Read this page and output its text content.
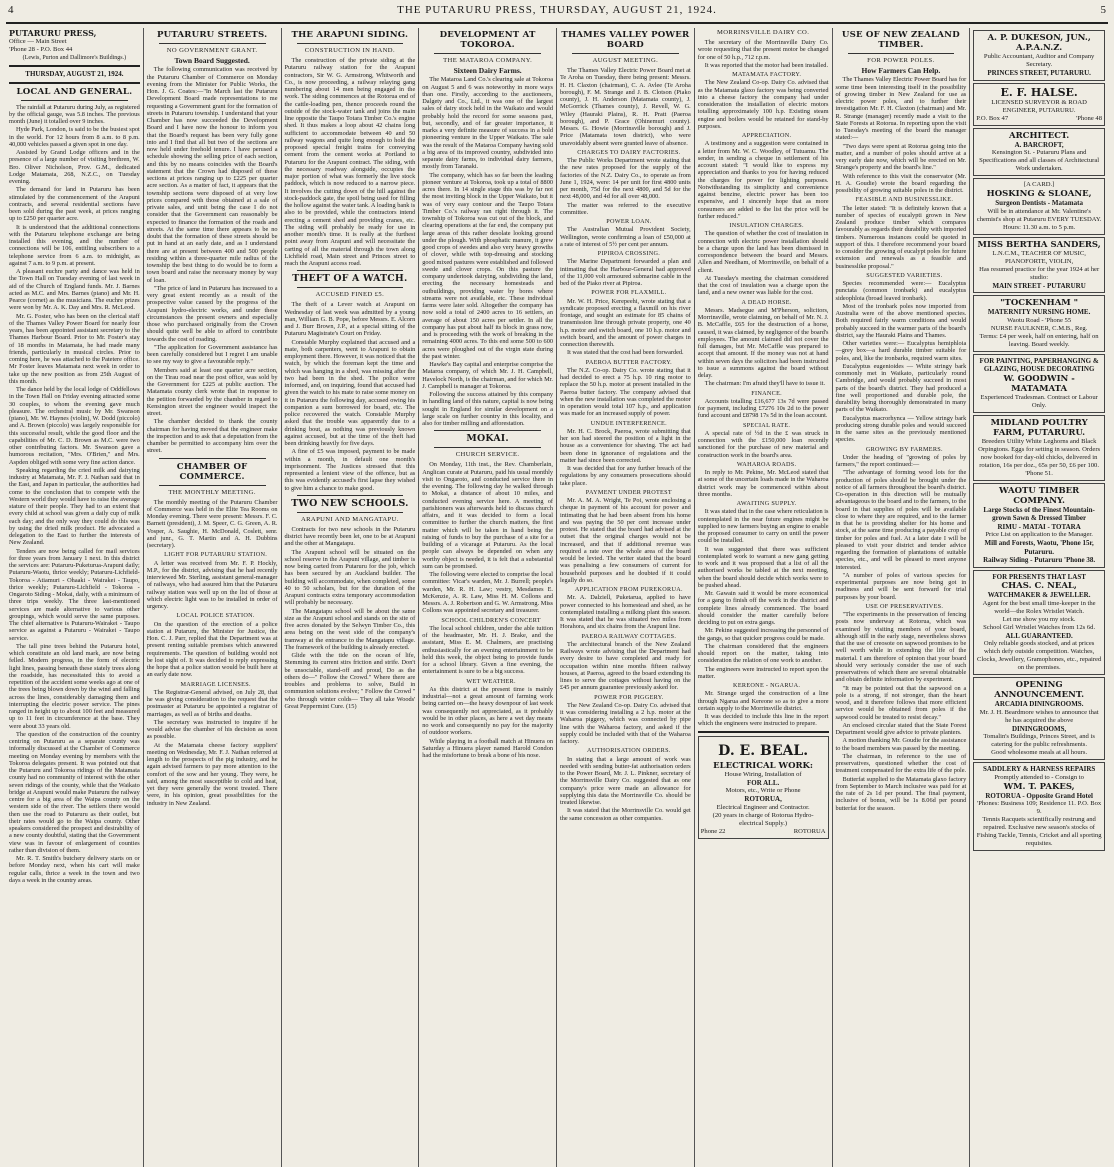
4	THE PUTARURU PRESS, THURSDAY, AUGUST 21, 1924.	5
PUTARURU PRESS,
Office — Main Street
'Phone 28 - P.O. Box 44
(Lewis, Purton and Dallimore's Buildings.)
THURSDAY, AUGUST 21, 1924.
LOCAL AND GENERAL.

The rainfall at Putaruru during July, as registered by the official gauge, was 5.8 inches. The previous month (June) it totalled over 9 inches.

Hyde Park, London, is said to be the busiest spot in the world. For 12 hours from 8 a.m. to 8 p.m. 40,000 vehicles passed a given spot in one day.

Assisted by Grand Lodge officers and in the presence of a large number of visiting brethren, W. Bro. Oliver Nicholson, Prov. G.M., dedicated Lodge Matamata, 268, N.Z.C., on Tuesday evening.

The demand for land in Putaruru has been stimulated by the commencement of the Arapuni contracts, and several residential sections have been sold during the past week, at prices ranging up to £250 per quarter acre.

It is understood that the additional connections with the Putaruru telephone exchange are being installed this evening, and the number of connections will be 106, entitling subscribers to a telephone service from 6 a.m. to midnight, as against 7 a.m. to 9 p.m. at present.

A pleasant euchre party and dance was held in the Town Hall on Tuesday evening of last week in aid of the Church of England funds. Mr. J. Barnes acted as M.C. and Mrs. Barnes (piano) and Mr. H. Pearce (cornet) as the musicians. The euchre prizes were won by Mr. A. K. Day and Mrs. R. McLeod.

Mr. G. Foster, who has been on the clerical staff of the Thames Valley Power Board for nearly four years, has been appointed assistant secretary to the Thames Harbour Board. Prior to Mr. Foster's stay of 18 months in Matamata, he had made many friends, particularly in musical circles. Prior to coming here, he was attached to the Patetere office. Mr Foster leaves Matamata next week in order to take up the new position as from 25th August of this month.

The dance held by the local lodge of Oddfellows in the Town Hall on Friday evening attracted some 30 couples, to whom the evening gave much pleasure. The orchestral music by Mr. Swanson (piano), Mr. W. Haynes (violin), W. Dodd (piccolo) and A. Brown (piccolo) was largely responsible for this successful result, while the good floor and the capabilities of Mr. C. D. Brown as M.C. were two other contributing factors. Mr. Swanson gave a humorous recitation, "Mrs. O'Brien," and Mrs. Aspden obliged with some very fine action dance.

Speaking regarding the cried milk and dairying industry at Matamata, Mr. F. J. Nathan said that in the East, and Japan in particular, the authorities had come to the conclusion that to compete with the Western world they would have to raise the average stature of their people. They had to an extent that every child at school was given a daily cup of milk each day; and the only way they could do this was by using the dried milk product. He advocated a delegation to the East to further the interests of New Zealand.

Tenders are now being called for mail services for three years from January 1 next. In this district the services are: Putaruru-Puketurua-Arapuni daily; Putaruru-Waotu, thrice weekly; Putaruru-Lichfield-Tokoroa - Atiamuri - Ohaaki - Wairakei - Taupo, thrice weekly; Putaruru-Lichfield - Tokoroa - Ongaroto Siding - Mokai, daily, with a minimum of three trips weekly. The three last-mentioned services are made alternative to various other groupings, which would serve the same purposes. The chief alternative is Putaruru-Wairakei - Taupo service as against a Putaruru - Wairakei - Taupo service.

The tall pine trees behind the Putaruru hotel, which constitute an old land mark, are now being felled. Modern progress, in the form of electric light lines, passing beneath these stately trees along the roadside, has necessitated this to avoid a repetition of the accident some weeks ago at one of the trees being blown down by the wind and falling across the lines, considerably damaging them and interrupting the electric power service. The pines ranged in height up to about 100 feet and measured up to 11 feet in circumference at the base. They were about 33 years old.

The question of the construction of the country centring on Putaruru as a separate county was informally discussed at the Chamber of Commerce meeting on Monday evening by members with the Tokoroa delegates present. It was pointed out that the Putaruru and Tokoroa ridings of the Matamata county had no community of interest with the other seven ridings of the county, while that the Waikato bridge at Arapuni would make Putaruru the railway centre for a big area of the Waipa county on the western side of the river. The settlers there would then use the road to Putaruru as their outlet, but their rates would go to the Waipa county. Other speakers considered the prospect and desirability of a new county doubtful, stating that the Government view was in favour of enlargement of counties rather than division of them.

Mr. R. T. Smith's butchery delivery starts on or before Monday next, when his cart will make regular calls, thrice a week in the town and two days a week in the country areas.

PUTARURU STREETS.
NO GOVERNMENT GRANT.
Town Board Suggested.

The following communication was received by the Putaruru Chamber of Commerce on Monday evening from the Minister for Public Works, the Hon. J. G. Coates:—"In March last the Putaruru Development Board made representations to me requesting a Government grant for the formation of streets in Putaruru township. I understand that your Chamber has now succeeded the Development Board and I have now the honour to inform you that the Board's request has been very fully gone into and I find that all but two of the sections are now held under freehold tenure. I have perused a schedule showing the selling price of each section, and this by no means coincides with the Board's statement that the Crown had disposed of these sections at prices ranging up to £225 per quarter acre section. As a matter of fact, it appears that the township sections were disposed of at very low prices compared with those obtained at a sale of private sales, and unit being the case I do not consider that the Government can reasonably be expected to finance the formation of the roads and streets. At the same time there appears to be no doubt that the formation of these streets should be put in hand at an early date, and as I understand there are at present between 400 and 500 people residing within a three-quarter mile radius of the township the best thing to do would be to form a town board and raise the necessary money by way of loan.

"The price of land in Putaruru has increased to a very great extent recently as a result of the prospective value caused by the progress of the Arapuni hydro-electric works, and under these circumstances the present owners and especially those who purchased originally from the Crown should quite well be able to afford to contribute towards the cost of roading.

"The application for Government assistance has been carefully considered but I regret I am unable to see my way to give a favourable reply."

Members said at least one quarter acre section, on the Tirau road near the post office, was sold by the Government for £225 at public auction. The Matamata county clerk wrote that in response to the petition forwarded by the chamber in regard to Kensington street the engineer would inspect the street.

The chamber decided to thank the county chairman for having moved that the engineer make the inspection and to ask that a deputation from the chamber be permitted to accompany him over the street.

CHAMBER OF COMMERCE.
THE MONTHLY MEETING.

The monthly meeting of the Putaruru Chamber of Commerce was held in the Elite Tea Rooms on Monday evening. There were present: Messrs. F. C. Barnett (president), J. M. Speer, C. G. Green, A. R. Vosper, A. Saughie, H. McDonald, Coslett, senr. and junr., G. T. Martin and A. H. Dubbins (secretary).

LIGHT FOR PUTARURU STATION.

A letter was received from Mr. F. P. Hockly, M.P., for the district, advising that he had recently interviewed Mr. Sterling, assistant general-manager of railways, who had assured him that the Putaruru railway station was well up on the list of those at which electric light was to be installed in order of urgency.

LOCAL POLICE STATION.

On the question of the erection of a police station at Putaruru, the Minister for Justice, the Hon. C. J. Parr, replied that the Department was at present renting suitable premises which answered requirements. The question of building would not be lost sight of. It was decided to reply expressing the hope that a police station would be built here at an early date now.

MARRIAGE LICENSES.

The Registrar-General advised, on July 28, that he was giving consideration to the request that the postmaster at Putaruru be appointed a registrar of marriages, as well as of births and deaths.

The secretary was instructed to inquire if he would advise the chamber of his decision as soon as possible.

At the Matamata cheese factory suppliers' meeting on Wednesday, Mr. F. J. Nathan referred at length to the prospects of the pig industry, and he again advised farmers to pay more attention to the comfort of the sow and her young. They were, he said, among the most susceptible to cold and heat, yet they were generally the worst treated. There were, in his opinion, great possibilities for the industry in New Zealand.

THE ARAPUNI SIDING.
CONSTRUCTION IN HAND.

The construction of the private siding at the Putaruru railway station for the Arapuni contractors, Sir W. G. Armstrong, Whitworth and Co., is now proceeding, a railway relaying gang numbering about 14 men being engaged in the work. The siding commences at the Rotorua end of the cattle-loading pen, thence proceeds round the outside of the stock-water tank and joins the main line opposite the Taupo Totara Timber Co.'s engine shed. It thus makes a loop about 42 chains long sufficient to accommodate between 40 and 50 railway wagons and quite long enough to hold the proposed special freight trains for conveying cement from the cement works at Portland to Putaruru for the Arapuni contract. The siding, with the necessary roadway alongside, occupies the major portion of what was formerly the live stock paddock, which is now reduced to a narrow piece. It involves the cutting down of the hill against the stock-paddock gate, the spoil being used for filling the hollow against the water tank. A loading bank is also to be provided, while the contractors intend erecting a cement shed and providing cranes, etc. The siding will probably be ready for use in another month's time. It is really at the furthest point away from Arapuni and will necessitate the carting of all the material through the town along Lichfield road, Main street and Princes street to reach the Arapuni access road.

THEFT OF A WATCH.
ACCUSED FINED £5.

The theft of a Lever watch at Arapuni on Wednesday of last week was admitted by a young man, William G. B. Pope, before Messrs. E. Alcorn and J. Burr Brown, J.P., at a special sitting of the Putaruru Magistrate's Court on Friday.

Constable Murphy explained that accused and a mate, both carpenters, went to Arapuni to obtain employment there. However, it was noticed that the watch, by which the foreman kept the time and which was hanging in a shed, was missing after the two had been in the shed. The police were informed, and, on inquiring, found that accused had given the watch to his mate to raise some money on it in Putaruru the following day, accused owing his companion a sum borrowed for board, etc. The police recovered the watch. Constable Murphy asked that the trouble was apparently due to a drinking bout, as nothing was previously known against accused, but at the time of the theft had been drinking heavily for five days.

A fine of £5 was imposed, payment to be made within a month, in default one month's imprisonment. The Justices stressed that this represented a lenient view of the offence, but as this was evidently accused's first lapse they wished to give him a chance to make good.

TWO NEW SCHOOLS.
ARAPUNI AND MANGATAPU.

Contracts for two new schools in the Putaruru district have recently been let, one to be at Arapuni and the other at Mangatapu.

The Arapuni school will be situated on the school reserve in the Arapuni village, and timber is now being carted from Putaruru for the job, which has been secured by an Auckland builder. The building will accommodate, when completed, some 40 to 50 scholars, but for the duration of the Arapuni contracts extra temporary accommodation will probably be necessary.

The Mangatapu school will be about the same size as the Arapuni school and stands on the site of five acres donated by the Selwyn Timber Co., this area being on the west side of the company's tramway at the entrance to the Mangatapu village. The framework of the building is already erected.

Glide with the tide on the ocean of life, Stemming its current stirs friction and strife. Don't be unsociable, stand-off and proud, Do as the others do—" Follow the Crowd." Where there are troubles and problems to solve, Build in communion solutions evolve; " Follow the Crowd " who through winter colds— They all take Woods' Great Peppermint Cure. (15)

DEVELOPMENT AT TOKOROA.
THE MATAROA COMPANY.
Sixteen Dairy Farms.

The Mataroa Land Co.'s clearing sale at Tokoroa on August 5 and 6 was noteworthy in more ways than one. Firstly, according to the auctioneers, Dalgety and Co., Ltd., it was one of the largest sales of dairy stock held in the Waikato and would probably hold the record for some seasons past, but, secondly, and of far greater importance, it marks a very definite measure of success in a bold pioneering venture in the Upper Waikato. The sale was the result of the Mataroa Company having sold a big area of its improved country, subdivided into separate dairy farms, to individual dairy farmers, mostly from Taranaki.

The company, which has so far been the leading pioneer venture at Tokoroa, took up a total of 8800 acres there. In 14 single stage this was by far not the most inviting block in the Upper Waikato, but it was of very easy contour and the Taupo Totara Timber Co.'s railway ran right through it. The township of Tokoroa was cut out of the block, and clearing operations at the far end, the company put large areas of this rather desolate looking ground under the plough. With phosphatic manure, it grew good crops of swedes and also very heavy growths of clover, while with top-dressing and stocking good mixed pastures were established and followed swede and clover crops. On this pasture the company undertook dairying, subdividing the land, erecting the necessary homesteads and outbuildings, providing water by bores where streams were not available, etc. These individual farms were later sold. Altogether the company has now sold a total of 2400 acres to 16 settlers, an average of about 150 acres per settler. In all the company has put about half its block in grass now, and is proceeding with the work of breaking in the remaining 4000 acres. To this end some 500 to 600 acres were ploughed out of the virgin state during the past winter.

Hawke's Bay capital and enterprise comprise the Mataroa company, of which Mr. J. H. Campbell, Havelock North, is the chairman, and for which Mr. J. Campbell is manager at Tokoroa.

Following the success attained by this company in handling land of this nature, capital is now being sought in England for similar development on a large scale on further country in this locality, and also for timber milling and afforestation.

MOKAI.
CHURCH SERVICE.

On Monday, 11th inst., the Rev. Chamberlain, Anglican curate at Putaruru, paid his usual monthly visit to Ongaroto, and conducted service there in the evening. The following day he walked through to Mokai, a distance of about 10 miles, and conducted evening service here. A meeting of parishioners was afterwards held to discuss church affairs, and it was decided to form a local committee to further the church matters, the first matter which will be taken in hand being the raising of funds to buy the purchase of a site for a building of a vicarage at Putaruru. As the local people can always be depended on when any worthy object is needed, it is felt that a substantial sum can be promised.

The following were elected to comprise the local committee: Vicar's warden, Mr. J. Burrell; people's warden, Mr. R. H. Law; vestry, Mesdames E. McKenzie, A. R. Law, Miss H. M. Collons and Messrs. A. J. Robertson and G. W. Armstrong. Miss Collons was appointed secretary and treasurer.

SCHOOL CHILDREN'S CONCERT

The local school children, under the able tuition of the headmaster, Mr. H. J. Brake, and the assistant, Miss E. M. Chalmers, are practising enthusiastically for an evening entertainment to be held this week, the object being to provide funds for a school library. Given a fine evening, the entertainment is sure to be a big success.

WET WEATHER.

As this district at the present time is mainly industrial—not a great amount of farming work being carried on—the heavy downpour of last week was consequently not appreciated, as it probably would be in other places, as here a wet day means no work and consequently no pay for the majority of outdoor workers.

While playing in a football match at Hinuera on Saturday a Hinuera player named Harold Condon had the misfortune to break a bone of his nose.

THAMES VALLEY POWER BOARD
AUGUST MEETING.

The Thames Valley Electric Power Board met at Te Aroha on Tuesday, there being present: Messrs. H. H. Claxton (chairman), C. A. Avlee (Te Aroha borough), F. M. Strange and J. B. Clotson (Piako county), J. H. Anderson (Matamata county), J. McGorrick (Thames county), J. Revell, W. G. Wiley (Hauraki Plains), R. H. Pratt (Paeroa borough), and P. Grace (Ohinemuri county). Messrs. G. Howie (Morrinsville borough) and J. Price (Matamata town district), who were unavoidably absent were granted leave of absence.

CHARGES TO DAIRY FACTORIES.

The Public Works Department wrote stating that the new rates proposed for the supply of the factories of the N.Z. Dairy Co., to operate as from June 1, 1924, were: 14 per unit for first 4800 units per month, 75d for the next 4800, and 5d for the next 48,000, and 4d for all over 48,000.

The matter was referred to the executive committee.

POWER LOAN.

The Australian Mutual Provident Society, Wellington, wrote confirming a loan of £50,000 at a rate of interest of 5½ per cent per annum.

PIPIROA CROSSING.

The Marine Department forwarded a plan and intimating that the Harbour-General had approved of the 11,000 volt armoured submarine cable in the bed of the Piako river at Pipiroa.

POWER FOR FLAXMILL.

Mr. W. H. Price, Kerepeehi, wrote stating that a syndicate proposed erecting a flaxmill on his river frontage, and sought an estimate for 85 chains of transmission line through private property, one 40 h.p. motor and switch board, one 10 h.p. motor and switch board, and the amount of power charges in connection therewith.

It was stated that the cost had been forwarded.

PAEROA BUTTER FACTORY.

The N.Z. Co-op. Dairy Co. wrote stating that it had decided to erect a 75 h.p. 10 ring motor to replace the 50 h.p. motor at present installed in the Paeroa butter factory. The company advised that when the new installation was completed the motor in operation would total 107 h.p., and application was made for an increased supply of power.

UNDUE INTERFERENCE.

Mr. H. C. Brock, Paeroa, wrote submitting that her son had steered the position of a light in the house as a convenience for shaving. The act had been done in ignorance of regulations and the matter had since been corrected.

It was decided that for any further breach of the regulations by any consumers prosecutions should take place.

PAYMENT UNDER PROTEST

Mr. A. M. A. Wright, Te Poi, wrote enclosing a cheque in payment of his account for power and intimating that he had been absent from his home and was paying the 50 per cent increase under protest. He stated that the board had advised at the outset that the original charges would not be increased, and that if additional revenue was required a rate over the whole area of the board would be levied. The writer stated that the board was penalising a few consumers of current for household purposes and he doubted if it could legally do so.

APPLICATION FROM PUREKORUA.

Mr. A. Dalziell, Puketarua, applied to have power connected to his homestead and shed, as he contemplated installing a milking plant this season. It was stated that he was situated two miles from Horahora, and six chains from the Arapuni line.

PAEROA RAILWAY COTTAGES.

The architectural branch of the New Zealand Railways wrote advising that the Department had every desire to have completed and ready for occupation within nine months fifteen railway houses, at Paeroa, agreed to the board extending its lines to serve the cottages without having on the £45 per annum guarantee previously asked for.

POWER FOR PIGGERY.

The New Zealand Co-op. Dairy Co. advised that it was considering installing a 2 h.p. motor at the Waharoa piggery, which was connected by pipe line with the Waharoa factory, and asked if the supply could be included with that of the Waharoa factory.

AUTHORISATION ORDERS.

In stating that a large amount of work was needed with sending butter-fat authorisation orders to the Power Board, Mr. J. L. Pinkner, secretary of the Morrinsville Dairy Co. suggested that as one company's price were made an allowance for supplying this data the Morrinsville Co. should be treated likewise.

It was stated that the Morrinsville Co. would get the same concession as other companies.

MORRINSVILLE DAIRY CO.

The secretary of the Morrinsville Dairy Co. wrote requesting that the present motor be changed for one of 50 h.p., 712 r.p.m.

It was reported that the motor had been installed.

MATAMATA FACTORY.

The New Zealand Co-op. Dairy Co. advised that as the Matamata glaxo factory was being converted into a cheese factory the company had under consideration the installation of electric motors totalling approximately 100 h.p. Existing steam engine and boilers would be retained for stand-by purposes.

APPRECIATION.

A testimony and a suggestion were contained in a letter from Mr. W. C. Woodley, of Tutuamu. The sender, in sending a cheque in settlement of his account stated: "I would like to express my appreciation and thanks to you for having reduced the charges for power for lighting purposes. Notwithstanding its simplicity and convenience against benzine, electric power has been too expensive, and I sincerely hope that as more consumers are added to the list the price will be further reduced."

INSULATION CHARGES.

The question of whether the cost of insulation in connection with electric power installation should be a charge upon the land has been dismissed in correspondence between the board and Messrs. Allen and Needham, of Morrinsville, on behalf of a client.

At Tuesday's meeting the chairman considered that the cost of insulation was a charge upon the land, and a new owner was liable for the cost.

A DEAD HORSE.

Messrs. Madsegue and M'Pherson, solicitors, Morrinsville, wrote claiming, on behalf of Mr. N. J. B. McCaffle, £65 for the destruction of a horse, caused, it was claimed, by negligence of the board's employees. The amount claimed did not cover the full damages, but Mr. McCaffle was prepared to accept that amount. If the money was not at hand within seven days the solicitors had been instructed to issue a summons against the board without delay.

The chairman: I'm afraid they'll have to issue it.

FINANCE.

Accounts totalling £16,677 13s 7d were passed for payment, including £7276 10s 2d to the power fund account and £8798 17s 5d in the loan account.

SPECIAL RATE.

A special rate of ½d in the £ was struck in connection with the £150,000 loan recently sanctioned for the purchase of new material and construction work in the board's area.

WAHAROA ROADS.

In reply to Mr. Pekine, Mr. McLeod stated that at some of the uncertain loads made in the Waharoa district work may be commenced within about three months.

AWAITING SUPPLY.

It was stated that in the case where reticulation is contemplated in the near future engines might be supplied to new farmers buying an engine to enable the proposed consumer to carry on until the power could be installed.

It was suggested that there was sufficient contemplated work to warrant a new gang getting to work and it was proposed that a list of all the authorised works be tabled at the next meeting, when the board should decide which works were to be pushed ahead.

Mr. Gawain said it would be more economical for a gang to finish off the work in the district and complete lines already commenced. The board should consider the matter carefully before deciding to put on extra gangs.

Mr. Pekine suggested increasing the personnel of the gangs, so that quicker progress could be made.

The chairman considered that the engineers should report on the matter, taking into consideration the relation of one work to another.

The engineers were instructed to report upon the matter.

KEREONE - NGARUA.

Mr. Strange urged the construction of a line through Ngarua and Kereone so as to give a more certain supply to the Morrinsville district.

It was decided to include this line in the report which the engineers were instructed to prepare.

D. E. BEAL.
ELECTRICAL WORK:
House Wiring, Installation of
FOR ALL.
Motors, etc., Write or Phone
ROTORUA,
Electrical Engineer and Contractor.
(20 years in charge of Rotorua Hydro-electrical Supply.)
Phone 22	ROTORUA
USE OF NEW ZEALAND TIMBER.
FOR POWER POLES.
How Farmers Can Help.

The Thames Valley Electric Power Board has for some time been interesting itself in the possibility of growing timber in New Zealand for use as electric power poles, and to further their investigation Mr. F. H. Claxton (chairman) and Mr. R. Strange (manager) recently made a visit to the State Forests at Rotorua. In reporting upon the visit to Tuesday's meeting of the board the manager stated:—

"Two days were spent at Rotorua going into the matter, and a number of poles should arrive at a very early date now, which will be erected on Mr. Strange's property and the board's line."

With reference to this visit the conservator (Mr. H. A. Goudie) wrote the board regarding the possibility of growing suitable poles in the district.

FEASIBLE AND BUSINESSLIKE.

The letter stated: "It is definitely known that a number of species of eucalypti grown in New Zealand produce timber which compares favourably as regards their durability with imported timbers. Numerous instances could be quoted in support of this. I therefore recommend your board to consider the growing of eucalypt poles for future extension and renewals as a feasible and businesslike proposal."

SUGGESTED VARIETIES.

Species recommended were:— Eucalyptus punctata (common ironbark) and eucalyptus sideophloia (broad leaved ironbark).

Most of the ironbark poles now imported from Australia were of the above mentioned species. Both required fairly warm conditions and would probably succeed in the warmer parts of the board's district, say the Hauraki Plains and Thames.

Other varieties were:— Eucalyptus hemiphloia—grey box—a hard durable timber suitable for poles, and, like the ironbarks, required warm sites.

Eucalyptus eugenioides — White stringy bark commonly met in Waikato, particularly round Cambridge, and would probably succeed in most parts of the board's district. They had produced a fine well proportioned and durable pole, the durability being thoroughly demonstrated in many parts of the Waikato.

Eucalyptus macrorhynca — Yellow stringy bark producing strong durable poles and would succeed in the same sites as the previously mentioned species.

GROWING BY FARMERS.

Under the heading of "growing of poles by farmers," the report continued:—

"The advantage of forming wood lots for the production of poles should be brought under the notice of all farmers throughout the board's district. Co-operation in this direction will be mutually advantageous to the board and to the farmers, to the board in that supplies of poles will be available close to where they are required, and to the farmer in that he is providing shelter for his home and stock, at the same time producing a payable crop of timber for poles and fuel. At a later date I will be pleased to visit your district and tender advice regarding the formation of plantations of suitable species, etc., and will be pleased to meet anyone interested.

"A number of poles of various species for experimental purposes are now being got in readiness and will be sent forward for trial purposes by your board.

USE OF PRESERVATIVES.

"The experiments in the preservation of fencing posts now underway at Rotorua, which was examined by visiting members of your board, although still in the early stage, nevertheless shows that the use of creosote on sapwood promises to be well worth while in extending the life of the material. I am therefore of opinion that your board should very seriously consider the use of such preservatives of which there are several obtainable and obtain definite information by experiment.

"It may be pointed out that the sapwood on a pole is a strong, if not stronger, than the heart wood, and it therefore follows that more efficient service would be obtained from poles if the sapwood could be treated to resist decay."

An enclosed circular stated that the State Forest Department would give advice to private planters.

A motion thanking Mr. Goudie for the assistance to the board members was passed by the meeting.

The chairman, in reference to the use of preservatives, questioned whether the cost of treatment compensated for the extra life of the pole.

Butterfat supplied to the Matamata glaxo factory from September to March inclusive was paid for at the rate of 2s 1d per pound. The final payment, inclusive of bonus, will be 1s 8.06d per pound butterfat for the season.

A. P. DUKESON, JUN., A.P.A.N.Z.
Public Accountant, Auditor and Company Secretary.
PRINCES STREET, PUTARURU.
E. F. HALSE.
LICENSED SURVEYOR & ROAD ENGINEER, PUTARURU.
P.O. Box 47	'Phone 48
ARCHITECT.
A. BARCROFT,
Kensington St. - Putaruru Plans and Specifications and all classes of Architectural Work undertaken.
[A CARD.]
HOSKING & SLOANE,
Surgeon Dentists - Matamata
Will be in attendance at Mr. Valentine's chemist's shop at Putaruru EVERY TUESDAY.
Hours: 11.30 a.m. to 5 p.m.
MISS BERTHA SANDERS,
L.N.C.M., TEACHER OF MUSIC, PIANOFORTE, VIOLIN,
Has resumed practice for the year 1924 at her studio:
MAIN STREET - PUTARURU
"TOCKENHAM "
MATERNITY NURSING HOME.
Waotu Road - 'Phone 55
NURSE FAULKNER, C.M.B., Reg.
Terms: £4 per week, half on entering, half on leaving. Board weekly.
FOR PAINTING, PAPERHANGING & GLAZING, HOUSE DECORATING
W. GOODWIN - MATAMATA
Experienced Tradesman. Contract or Labour Only.
MIDLAND POULTRY FARM, PUTARURU.
Breeders Utility White Leghorns and Black Orpingtons. Eggs for setting in season. Orders now booked for day-old chicks, delivered in rotation, 16s per doz., 65s per 50, £6 per 100. 'Phone 51.
WAOTU TIMBER COMPANY.
Large Stocks of the Finest Mountain-grown Sawn & Dressed Timber
RIMU - MATAI - TOTARA
Price List on application to the Manager.
Mill and Forests, Waotu, 'Phone 15r, Putaruru.
Railway Siding - Putaruru 'Phone 38.
FOR PRESENTS THAT LAST
CHAS. C. NEAL,
WATCHMAKER & JEWELLER.
Agent for the best small time-keeper in the world—the Rolex Wristlet Watch.
Let me show you my stock.
School Girl Wristlet Watches from 12s 6d.
ALL GUARANTEED.
Only reliable goods stocked, and at prices which defy outside competition. Watches, Clocks, Jewellery, Gramophones, etc., repaired on the premises.
OPENING ANNOUNCEMENT.
ARCADIA DININGROOMS.
Mr. J. H. Beardmore wishes to announce that he has acquired the above
DININGROOMS,
Tomalin's Buildings, Princes Street, and is catering for the public refreshments.
Good wholesome meals at all hours.
SADDLERY & HARNESS REPAIRS
Promptly attended to - Consign to
WM. T. PAKES,
ROTORUA - Opposite Grand Hotel
'Phones: Business 109; Residence 11. P.O. Box 9.
Tennis Racquets scientifically restrung and repaired. Exclusive new season's stocks of Fishing Tackle, Tennis, Cricket and all sporting requisites.
